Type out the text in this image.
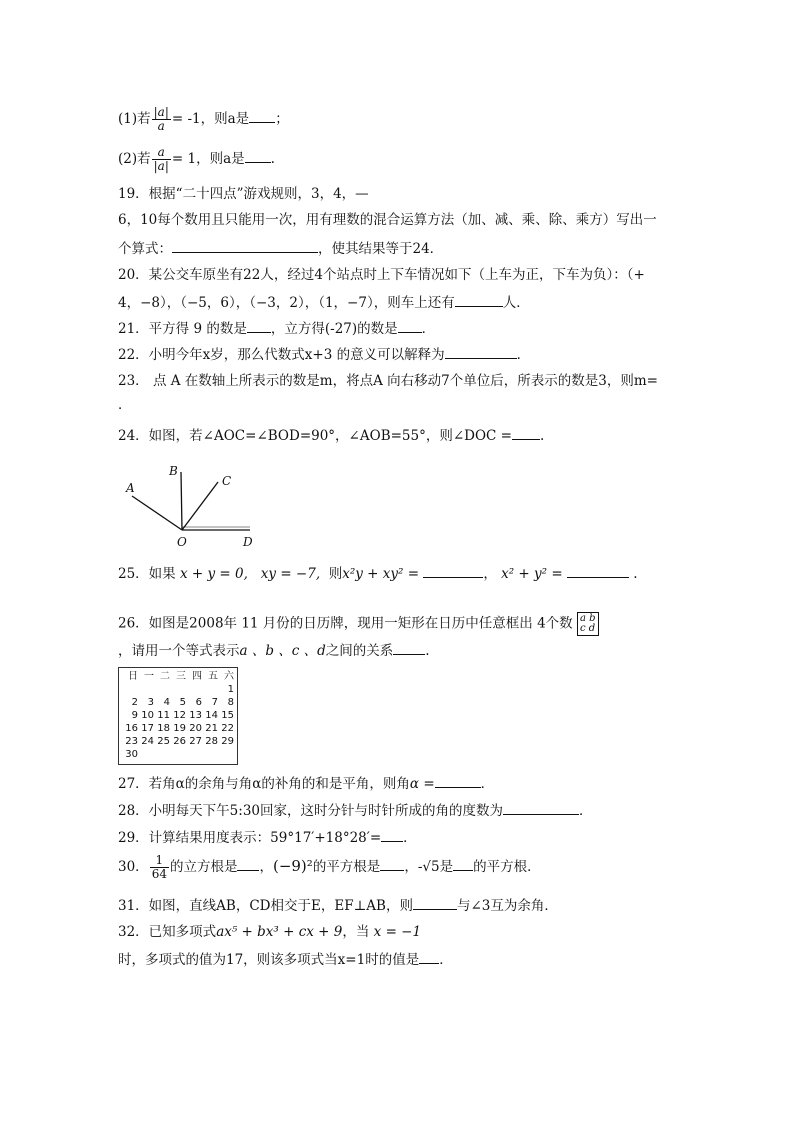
(1)若 $\frac{|a|}{a} = -1$，则a是 ；
(2)若 $\frac{a}{|a|} = 1$，则a是 .
19．根据“二十四点”游戏规则，3，4，—
6，10每个数用且只能用一次，用有理数的混合运算方法（加、减、乘、除、乘方）写出一
个算式：	，使其结果等于24．
20．某公交车原坐有22人，经过4个站点时上下车情况如下（上车为正，下车为负）：（+
4，−8），（−5，6），（−3，2），（1，−7），则车上还有	人．
21．平方得 9 的数是 ，立方得(-27)的数是 ．
22．小明今年x岁，那么代数式x+3 的意义可以解释为	．
23． 点 A 在数轴上所表示的数是m，将点A 向右移动7个单位后，所表示的数是3，则m=
．
24．如图，若∠AOC=∠BOD=90°，∠AOB=55°，则∠DOC = .
A
B
C
O	D
25．如果 x + y = 0, xy = −7, 则x²y + xy² =	， x² + y² =	.
26．如图是2008年 11 月份的日历牌，现用一矩形在日历中任意框出 4个数 a b
c d
，请用一个等式表示a 、b 、c 、d之间的关系 .
日	一	二	三	四	五	六
						1
2	3	4	5	6	7	8
9	10	11	12	13	14	15
16	17	18	19	20	21	22
23	24	25	26	27	28	29
30						
27．若角α的余角与角α的补角的和是平角，则角α =	．
28．小明每天下午5:30回家，这时分针与时针所成的角的度数为	．
29．计算结果用度表示：59°17′+18°28′= ．
30． $\frac{1}{64}$ 的立方根是 ，(−9)²的平方根是 ，-√5是 的平方根．
31．如图，直线AB，CD相交于E，EF⊥AB，则	与∠3互为余角．
32．已知多项式ax⁵ + bx³ + cx + 9，当 x = −1
时，多项式的值为17，则该多项式当x=1时的值是 ．
